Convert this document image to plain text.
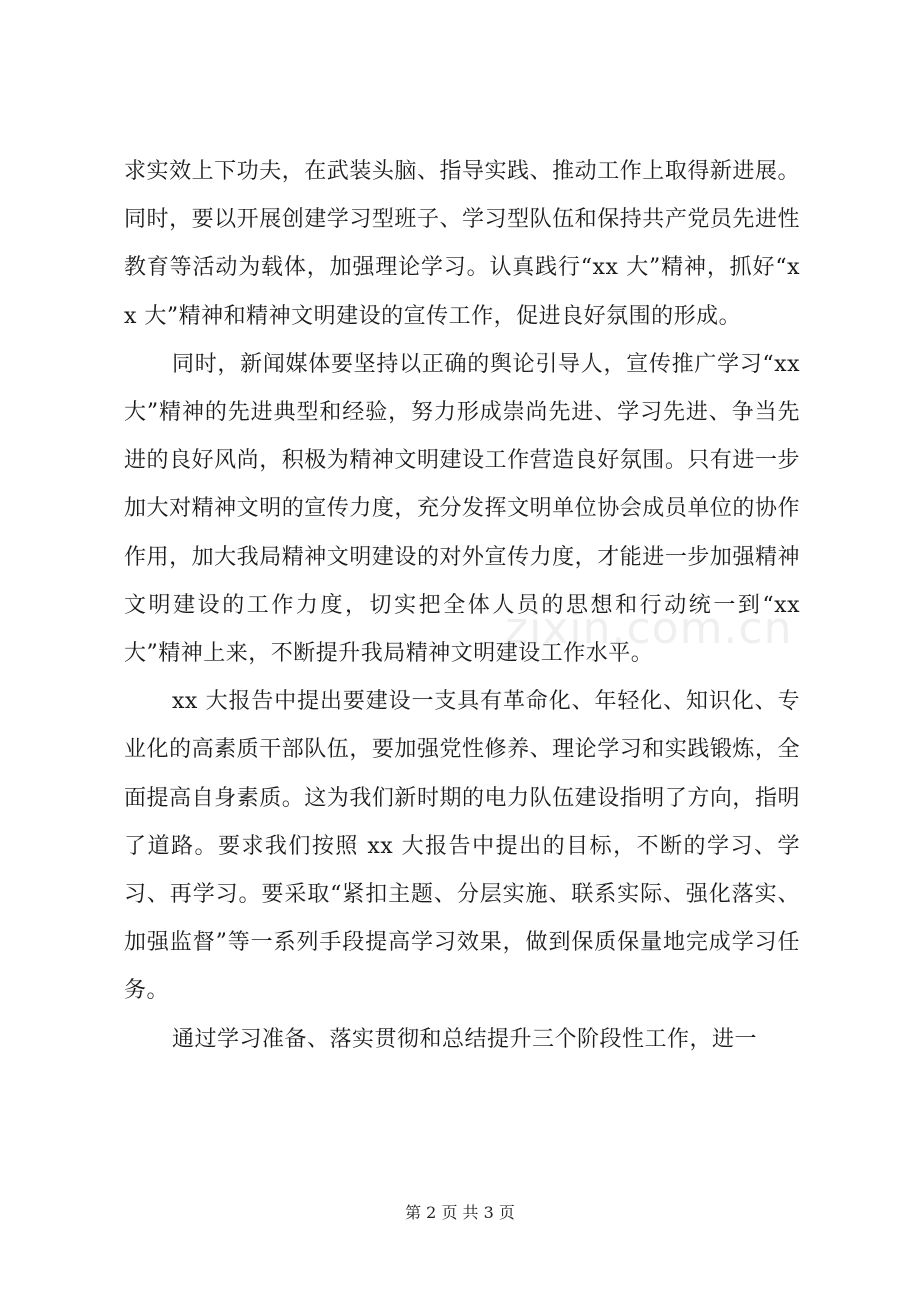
求实效上下功夫，在武装头脑、指导实践、推动工作上取得新进展。同时，要以开展创建学习型班子、学习型队伍和保持共产党员先进性教育等活动为载体，加强理论学习。认真践行“xx 大”精神，抓好“xx 大”精神和精神文明建设的宣传工作，促进良好氛围的形成。

同时，新闻媒体要坚持以正确的舆论引导人，宣传推广学习“xx 大”精神的先进典型和经验，努力形成崇尚先进、学习先进、争当先进的良好风尚，积极为精神文明建设工作营造良好氛围。只有进一步加大对精神文明的宣传力度，充分发挥文明单位协会成员单位的协作作用，加大我局精神文明建设的对外宣传力度，才能进一步加强精神文明建设的工作力度，切实把全体人员的思想和行动统一到“xx 大”精神上来，不断提升我局精神文明建设工作水平。

xx 大报告中提出要建设一支具有革命化、年轻化、知识化、专业化的高素质干部队伍，要加强党性修养、理论学习和实践锻炼，全面提高自身素质。这为我们新时期的电力队伍建设指明了方向，指明了道路。要求我们按照 xx 大报告中提出的目标，不断的学习、学习、再学习。要采取“紧扣主题、分层实施、联系实际、强化落实、加强监督”等一系列手段提高学习效果，做到保质保量地完成学习任务。

通过学习准备、落实贯彻和总结提升三个阶段性工作，进一

zixin.com.cn
第 2 页 共 3 页
